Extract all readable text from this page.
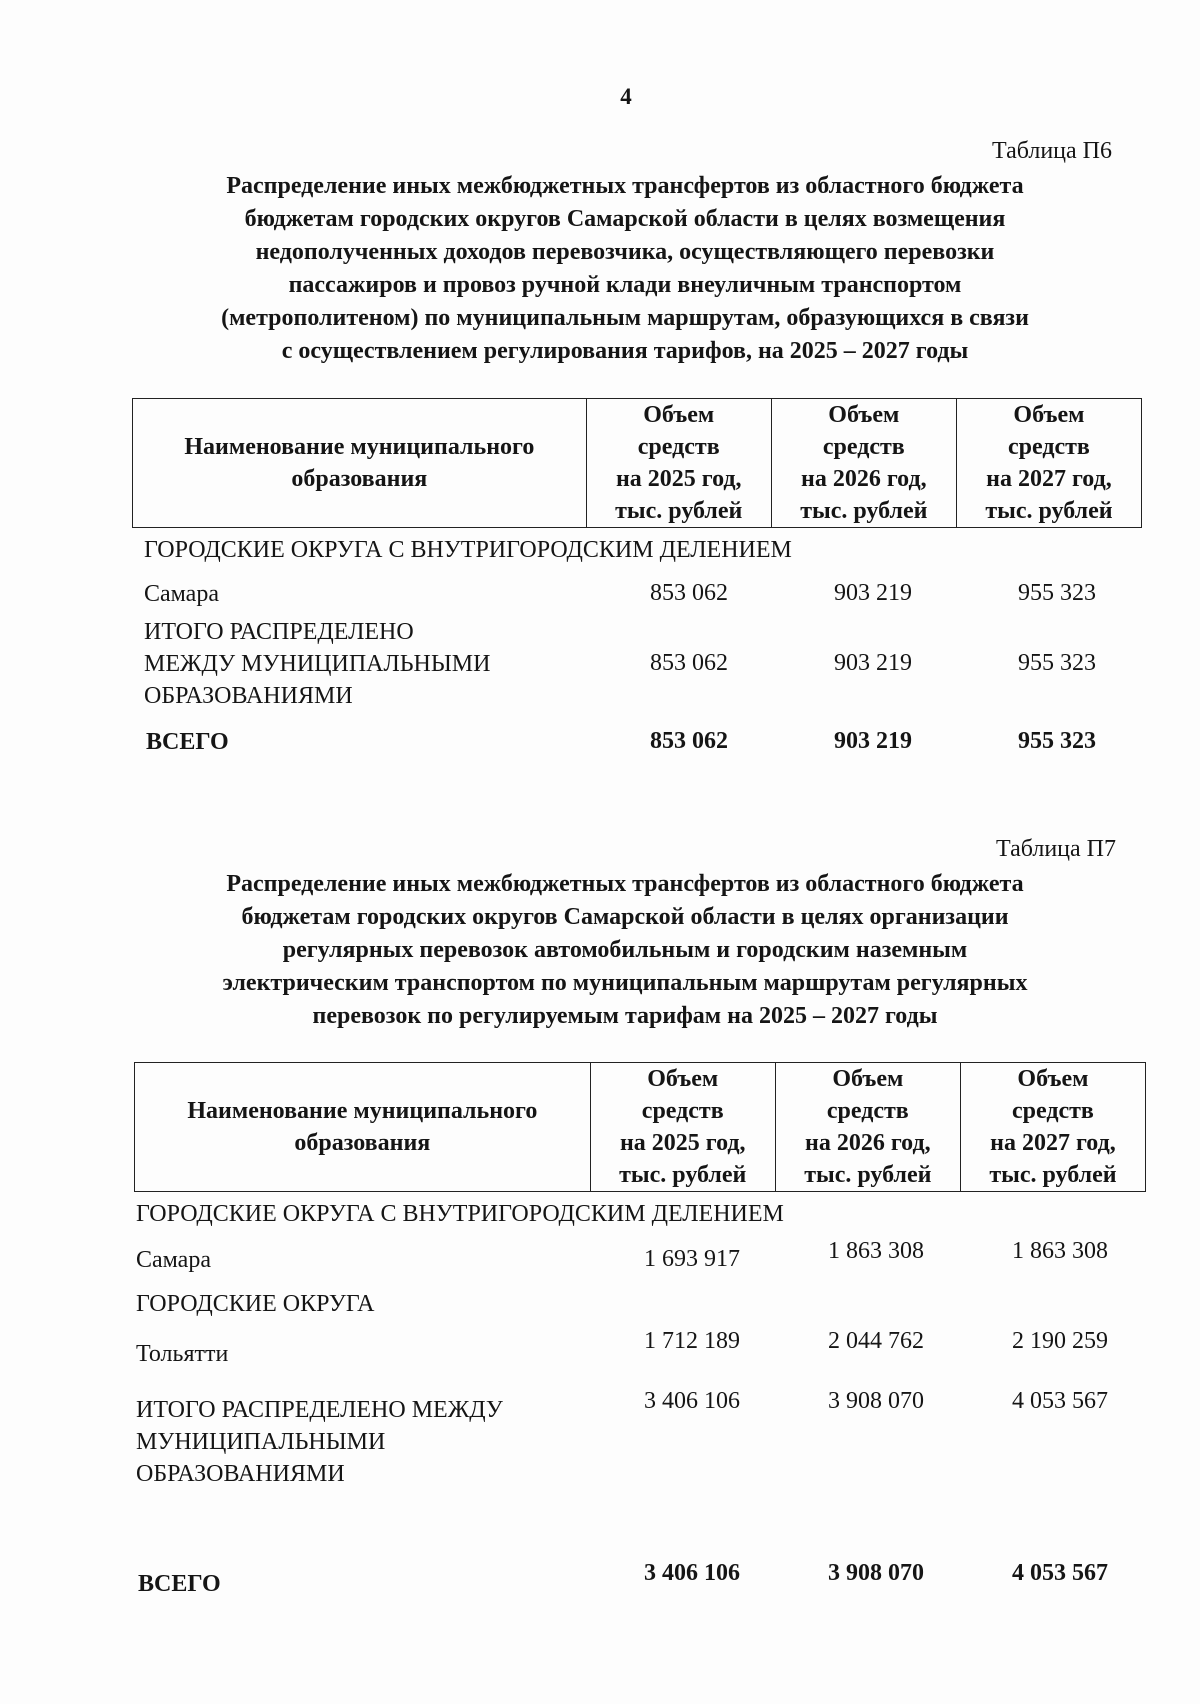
4
Таблица П6
Распределение иных межбюджетных трансфертов из областного бюджета
бюджетам городских округов Самарской области в целях возмещения
недополученных доходов перевозчика, осуществляющего перевозки
пассажиров и провоз ручной клади внеуличным транспортом
(метрополитеном) по муниципальным маршрутам, образующихся в связи
с осуществлением регулирования тарифов, на 2025 – 2027 годы
Наименование муниципального
образования

Объем
средств
на 2025 год,
тыс. рублей

Объем
средств
на 2026 год,
тыс. рублей

Объем
средств
на 2027 год,
тыс. рублей
ГОРОДСКИЕ ОКРУГА С ВНУТРИГОРОДСКИМ ДЕЛЕНИЕМ
Самара	853 062	903 219	955 323
ИТОГО РАСПРЕДЕЛЕНО
МЕЖДУ МУНИЦИПАЛЬНЫМИ
ОБРАЗОВАНИЯМИ
853 062	903 219	955 323
ВСЕГО	853 062	903 219	955 323
Таблица П7
Распределение иных межбюджетных трансфертов из областного бюджета
бюджетам городских округов Самарской области в целях организации
регулярных перевозок автомобильным и городским наземным
электрическим транспортом по муниципальным маршрутам регулярных
перевозок по регулируемым тарифам на 2025 – 2027 годы
Наименование муниципального
образования

Объем
средств
на 2025 год,
тыс. рублей

Объем
средств
на 2026 год,
тыс. рублей

Объем
средств
на 2027 год,
тыс. рублей
ГОРОДСКИЕ ОКРУГА С ВНУТРИГОРОДСКИМ ДЕЛЕНИЕМ
Самара	1 693 917	1 863 308	1 863 308
ГОРОДСКИЕ ОКРУГА
Тольятти	1 712 189	2 044 762	2 190 259
ИТОГО РАСПРЕДЕЛЕНО МЕЖДУ
МУНИЦИПАЛЬНЫМИ
ОБРАЗОВАНИЯМИ
3 406 106	3 908 070	4 053 567
ВСЕГО	3 406 106	3 908 070	4 053 567
